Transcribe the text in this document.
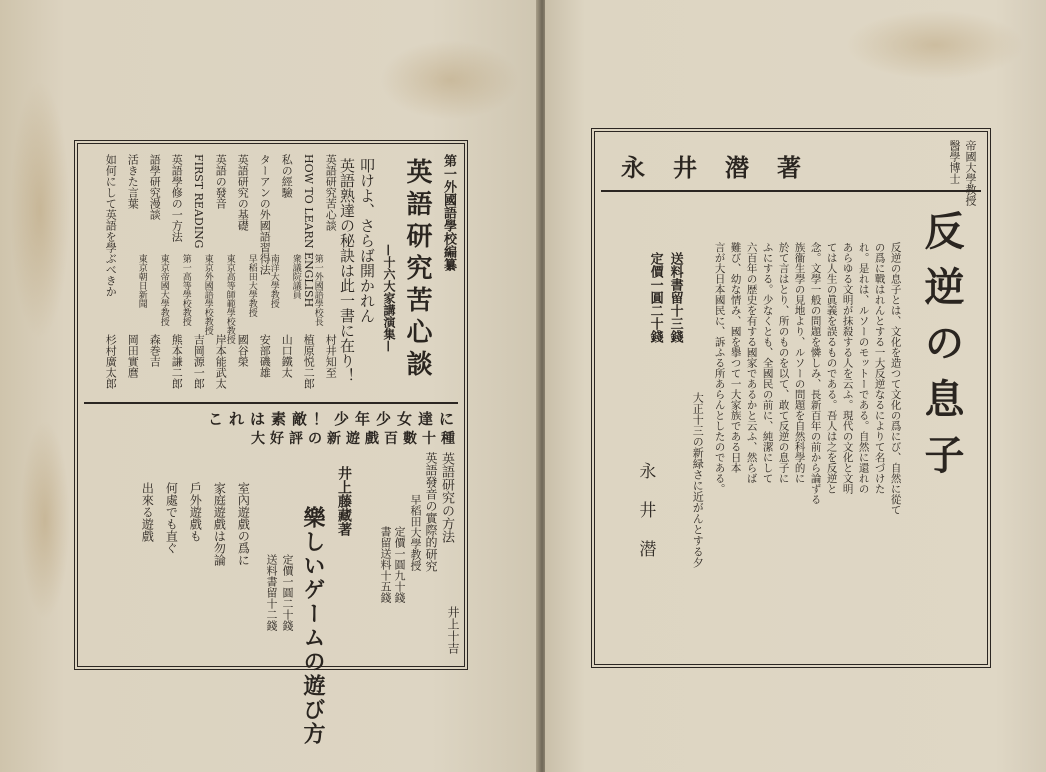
第一外國語學校編纂
英語研究苦心談
—十六大家講演集—
叩けよ、さらば開かれん
英語熟達の秘訣は此一書に在り！
英語研究苦心談
村井知至
HOW TO LEARN ENGLISH
植原悦二郎
私の經驗
山口鐵太
ターアンの外國語習得法
安部磯雄
英語研究の基礎
國谷榮
英語の發音
岸本能武太
FIRST READING
吉岡源一郎
英語學修の一方法
熊本謙二郎
語學研究漫談
森巻吉
活きた言葉
岡田實麿
如何にして英語を學ぶべきか
杉村廣太郎
第一外國語學校長
衆議院議員
南洋大學教授
早稻田大學教授
東京高等師範學校教授
東京外國語學校教授
第一高等學校教授
東京帝國大學教授
東京朝日新聞
これは素敵！少年少女達に
大好評の新遊戲百數十種
英語研究の方法
英語發音の實際的研究
早稻田大學教授
定價一圓九十錢
書留送料十五錢
井上十吉
井上藤藏著
樂しいゲームの遊び方
定價一圓二十錢
送料書留十二錢
室內遊戲の爲に
家庭遊戲は勿論
戶外遊戲も
何處でも直ぐ
出來る遊戲
永井潜著	帝國大學教授
醫學博士
反逆の息子
反逆の息子とは、文化を造つて文化の爲にび、自然に從て
の爲に戰はれんとする一大反逆なるによりて名づけた
れ。是れは、ルソーのモットーである。自然に還れの
あらゆる文明が抹殺する人を云ふ。現代の文化と文明
ては人生の眞義を誤るものである。吾人は之を反逆と
念。文學一般の問題を憐しみ、長新百年の前から論ずる
族衞生學の見地より、ルソーの問題を自然科學的に
於て言はとり、所のものを以て、敢て反逆の息子に
ふにする。少なくとも、全國民の前に、純潔にして
六百年の歴史を有する國家であるかと云ふ、然らば
難び、幼な情み、國を擧つて一大家族である日本
言が大日本國民に、訴ふる所あらんとしたのである。
大正十三の新緑さに近がんとする夕
永井潜
定價一圓二十錢 送料書留十三錢
